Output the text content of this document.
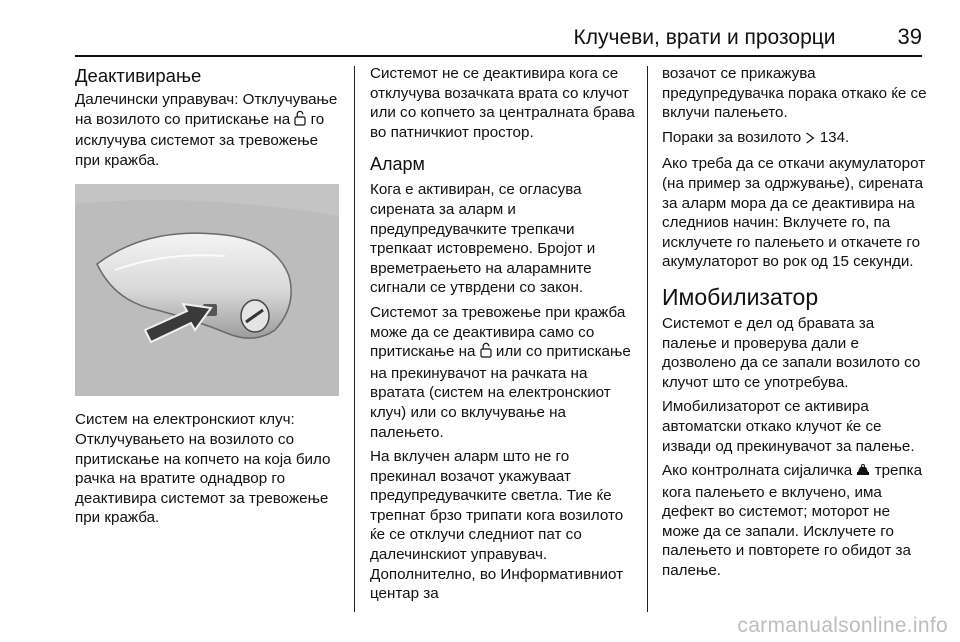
Клучеви, врати и прозорци	39
Деактивирање

Далечински управувач: Отклучување на возилото со притискање на  го исклучува системот за тревожење при кражба.

Систем на електронскиот клуч: Отклучувањето на возилото со притискање на копчето на која било рачка на вратите однадвор го деактивира системот за тревожење при кражба.

Системот не се деактивира кога се отклучува возачката врата со клучот или со копчето за централната брава во патничкиот простор.

Аларм

Кога е активиран, се огласува сирената за аларм и предупредувачките трепкачи трепкаат истовремено. Бројот и времетраењето на аларамните сигнали се утврдени со закон.

Системот за тревожење при кражба може да се деактивира само со притискање на  или со притискање на прекинувачот на рачката на вратата (систем на електронскиот клуч) или со вклучување на палењето.

На вклучен аларм што не го прекинал возачот укажуваат предупредувачките светла. Тие ќе трепнат брзо трипати кога возилото ќе се отклучи следниот пат со далечинскиот управувач. Дополнително, во Информативниот центар за

возачот се прикажува предупредувачка порака откако ќе се вклучи палењето.

Пораки за возилото  134.

Ако треба да се откачи акумулаторот (на пример за одржување), сирената за аларм мора да се деактивира на следниов начин: Вклучете го, па исклучете го палењето и откачете го акумулаторот во рок од 15 секунди.

Имобилизатор

Системот е дел од бравата за палење и проверува дали е дозволено да се запали возилото со клучот што се употребува.

Имобилизаторот се активира автоматски откако клучот ќе се извади од прекинувачот за палење.

Ако контролната сијаличка  трепка кога палењето е вклучено, има дефект во системот; моторот не може да се запали. Исклучете го палењето и повторете го обидот за палење.

carmanualsonline.info
